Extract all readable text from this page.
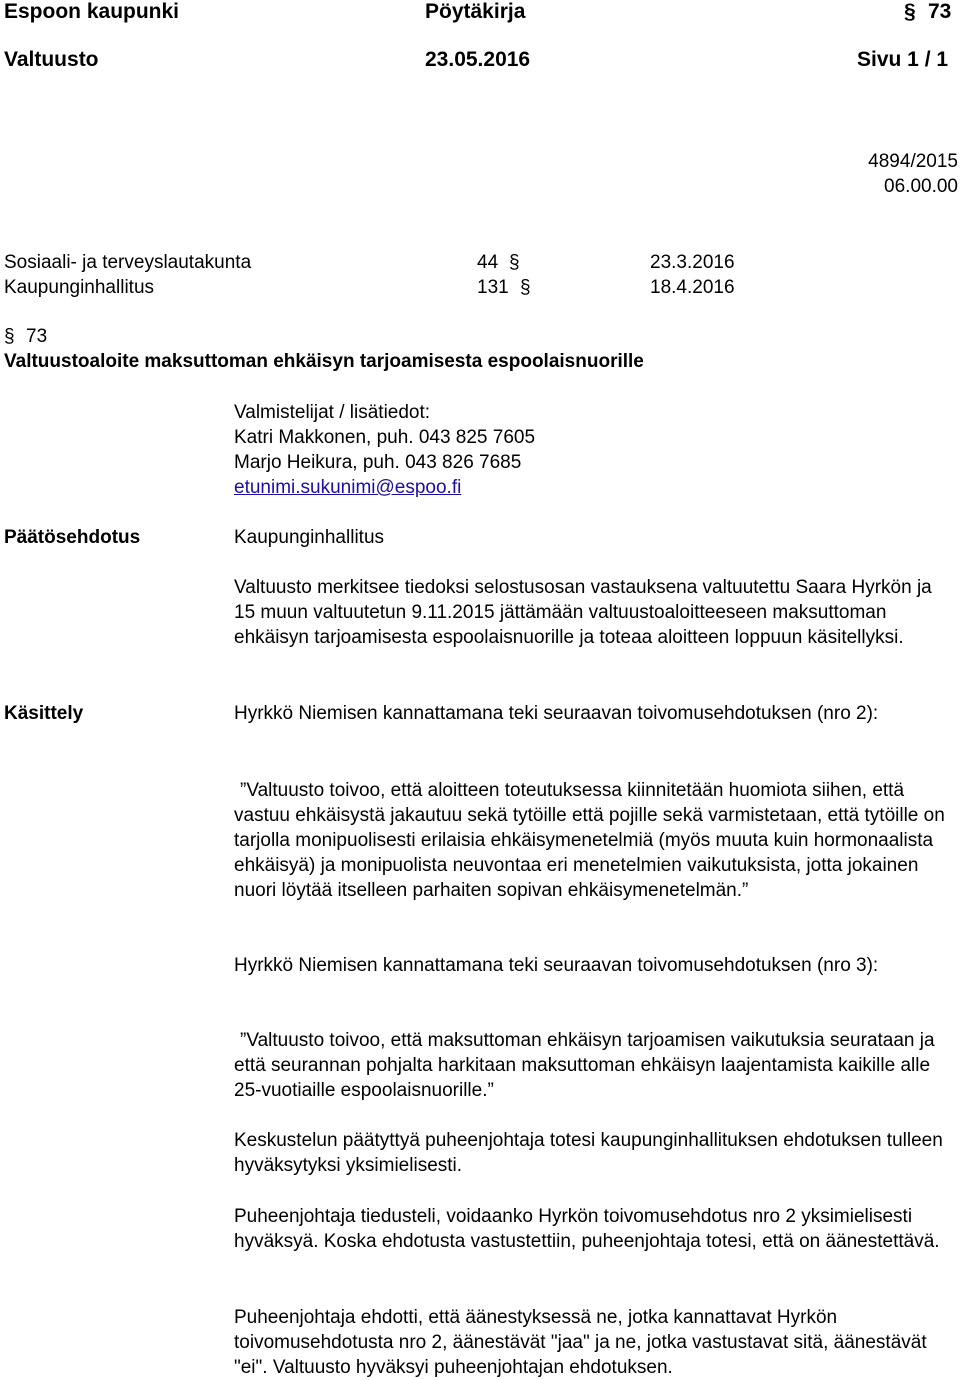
Espoon kaupunki	Pöytäkirja	§ 73
Valtuusto	23.05.2016	Sivu 1 / 1
4894/2015
06.00.00
Sosiaali- ja terveyslautakunta	44 §	23.3.2016
Kaupunginhallitus	131 §	18.4.2016
§ 73
Valtuustoaloite maksuttoman ehkäisyn tarjoamisesta espoolaisnuorille
Valmistelijat / lisätiedot:
Katri Makkonen, puh. 043 825 7605
Marjo Heikura, puh. 043 826 7685
etunimi.sukunimi@espoo.fi
Päätösehdotus	Kaupunginhallitus

Valtuusto merkitsee tiedoksi selostusosan vastauksena valtuutettu Saara Hyrkön ja 15 muun valtuutetun 9.11.2015 jättämään valtuustoaloitteeseen maksuttoman ehkäisyn tarjoamisesta espoolaisnuorille ja toteaa aloitteen loppuun käsitellyksi.

Käsittely	Hyrkkö Niemisen kannattamana teki seuraavan toivomusehdotuksen (nro 2):

”Valtuusto toivoo, että aloitteen toteutuksessa kiinnitetään huomiota siihen, että vastuu ehkäisystä jakautuu sekä tytöille että pojille sekä varmistetaan, että tytöille on tarjolla monipuolisesti erilaisia ehkäisymenetelmiä (myös muuta kuin hormonaalista ehkäisyä) ja monipuolista neuvontaa eri menetelmien vaikutuksista, jotta jokainen nuori löytää itselleen parhaiten sopivan ehkäisymenetelmän.”

Hyrkkö Niemisen kannattamana teki seuraavan toivomusehdotuksen (nro 3):

”Valtuusto toivoo, että maksuttoman ehkäisyn tarjoamisen vaikutuksia seurataan ja että seurannan pohjalta harkitaan maksuttoman ehkäisyn laajentamista kaikille alle 25-vuotiaille espoolaisnuorille.”

Keskustelun päätyttyä puheenjohtaja totesi kaupunginhallituksen ehdotuksen tulleen hyväksytyksi yksimielisesti.

Puheenjohtaja tiedusteli, voidaanko Hyrkön toivomusehdotus nro 2 yksimielisesti hyväksyä. Koska ehdotusta vastustettiin, puheenjohtaja totesi, että on äänestettävä.

Puheenjohtaja ehdotti, että äänestyksessä ne, jotka kannattavat Hyrkön toivomusehdotusta nro 2, äänestävät "jaa" ja ne, jotka vastustavat sitä, äänestävät "ei". Valtuusto hyväksyi puheenjohtajan ehdotuksen.
